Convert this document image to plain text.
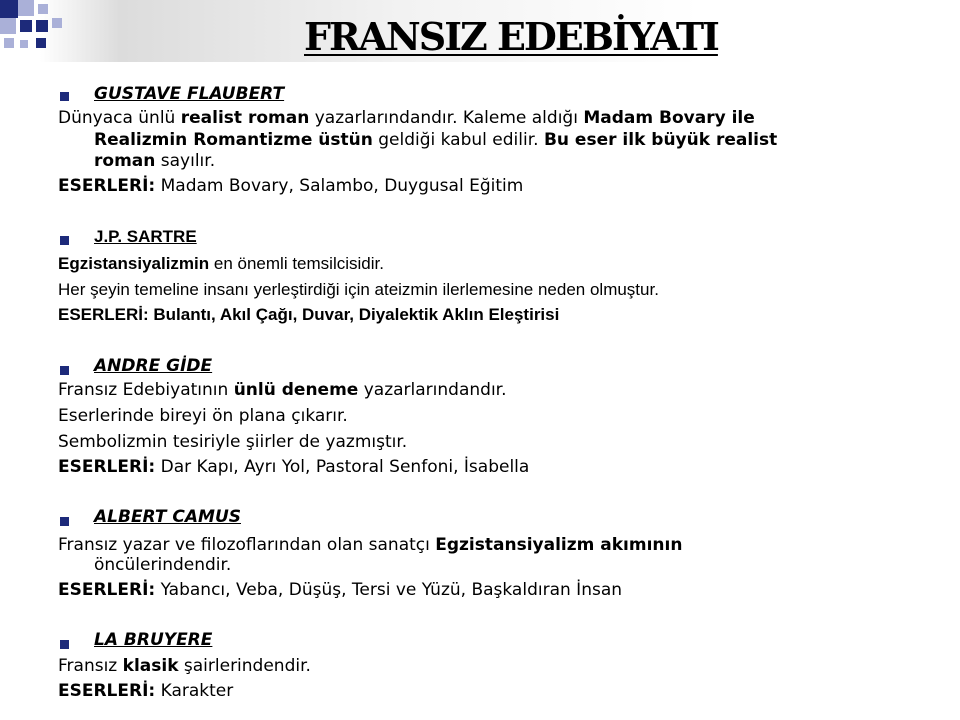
FRANSIZ EDEBİYATI
GUSTAVE FLAUBERT
Dünyaca ünlü realist roman yazarlarındandır. Kaleme aldığı Madam Bovary ile
Realizmin Romantizme üstün geldiği kabul edilir. Bu eser ilk büyük realist
roman sayılır.
ESERLERİ: Madam Bovary, Salambo, Duygusal Eğitim
J.P. SARTRE
Egzistansiyalizmin en önemli temsilcisidir.
Her şeyin temeline insanı yerleştirdiği için ateizmin ilerlemesine neden olmuştur.
ESERLERİ: Bulantı, Akıl Çağı, Duvar, Diyalektik Aklın Eleştirisi
ANDRE GİDE
Fransız Edebiyatının ünlü deneme yazarlarındandır.
Eserlerinde bireyi ön plana çıkarır.
Sembolizmin tesiriyle şiirler de yazmıştır.
ESERLERİ: Dar Kapı, Ayrı Yol, Pastoral Senfoni, İsabella
ALBERT CAMUS
Fransız yazar ve filozoflarından olan sanatçı Egzistansiyalizm akımının
öncülerindendir.
ESERLERİ: Yabancı, Veba, Düşüş, Tersi ve Yüzü, Başkaldıran İnsan
LA BRUYERE
Fransız klasik şairlerindendir.
ESERLERİ: Karakter
